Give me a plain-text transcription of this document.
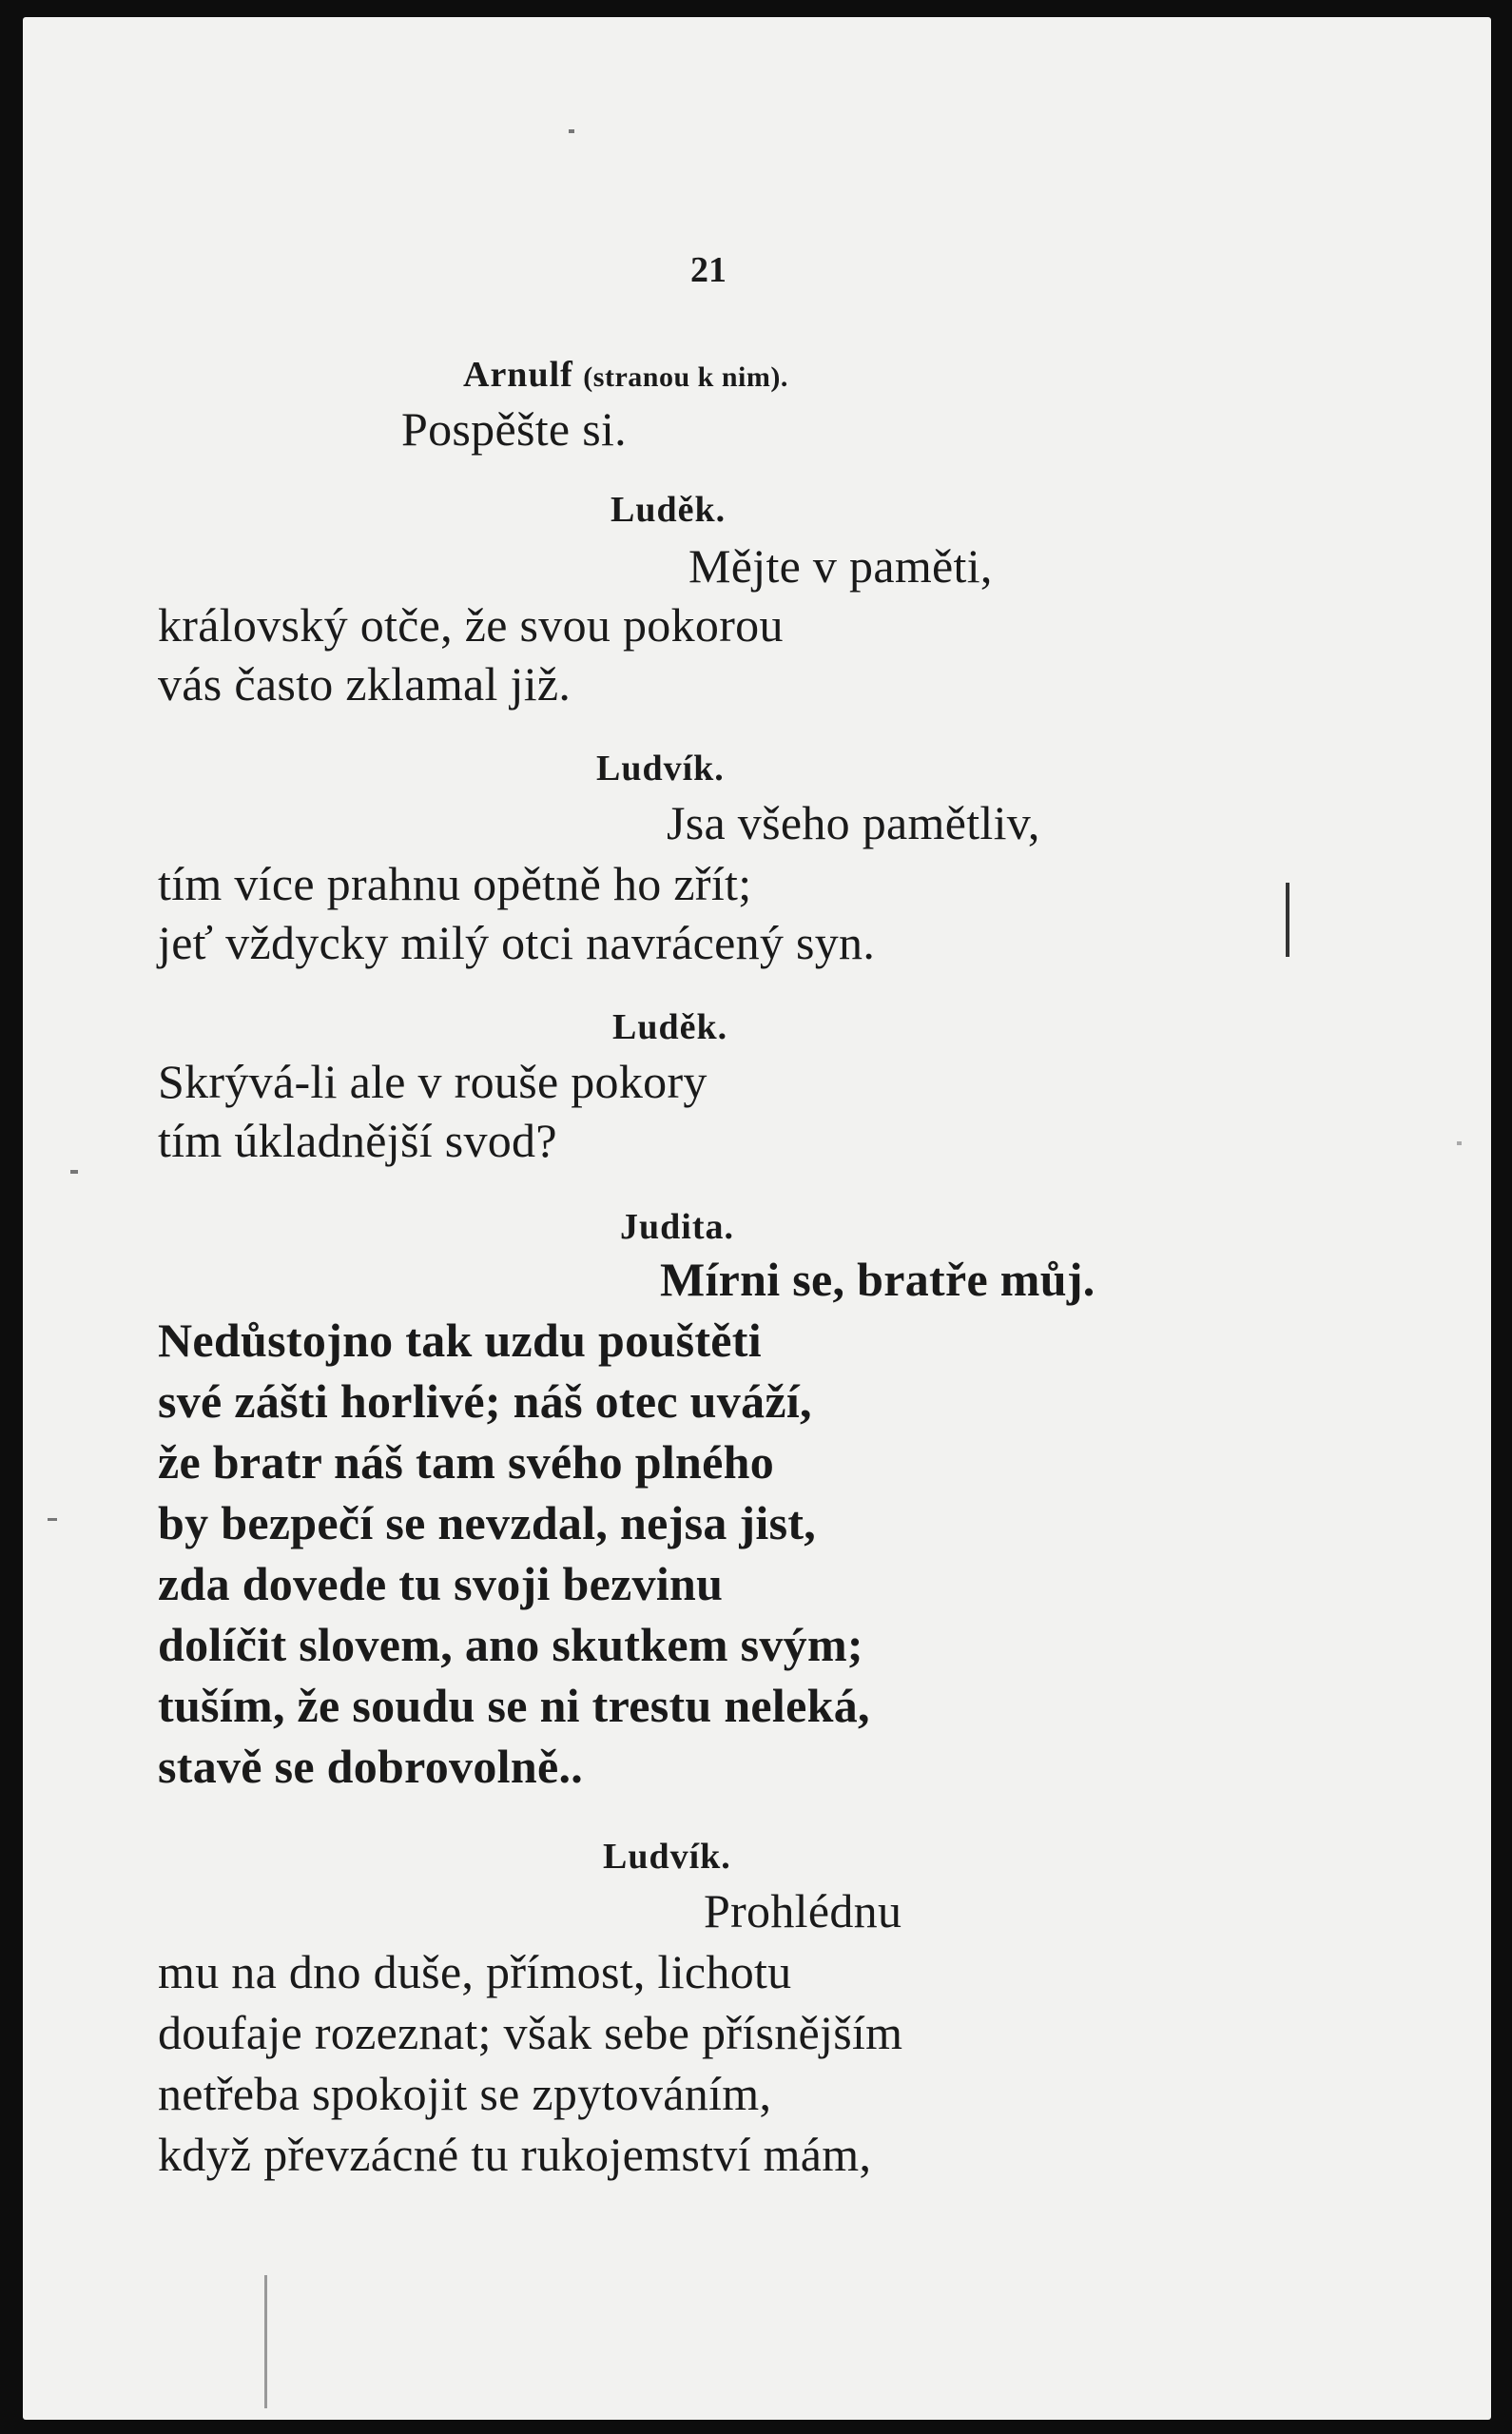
21
Arnulf (stranou k nim).
Pospěšte si.
Luděk.
Mějte v paměti,
královský otče, že svou pokorou
vás často zklamal již.
Ludvík.
Jsa všeho pamětliv,
tím více prahnu opětně ho zřít;
jeť vždycky milý otci navrácený syn.
Luděk.
Skrývá-li ale v rouše pokory
tím úkladnější svod?
Judita.
Mírni se, bratře můj.
Nedůstojno tak uzdu pouštěti
své zášti horlivé; náš otec uváží,
že bratr náš tam svého plného
by bezpečí se nevzdal, nejsa jist,
zda dovede tu svoji bezvinu
dolíčit slovem, ano skutkem svým;
tuším, že soudu se ni trestu neleká,
stavě se dobrovolně..
Ludvík.
Prohlédnu
mu na dno duše, přímost, lichotu
doufaje rozeznat; však sebe přísnějším
netřeba spokojit se zpytováním,
když převzácné tu rukojemství mám,
